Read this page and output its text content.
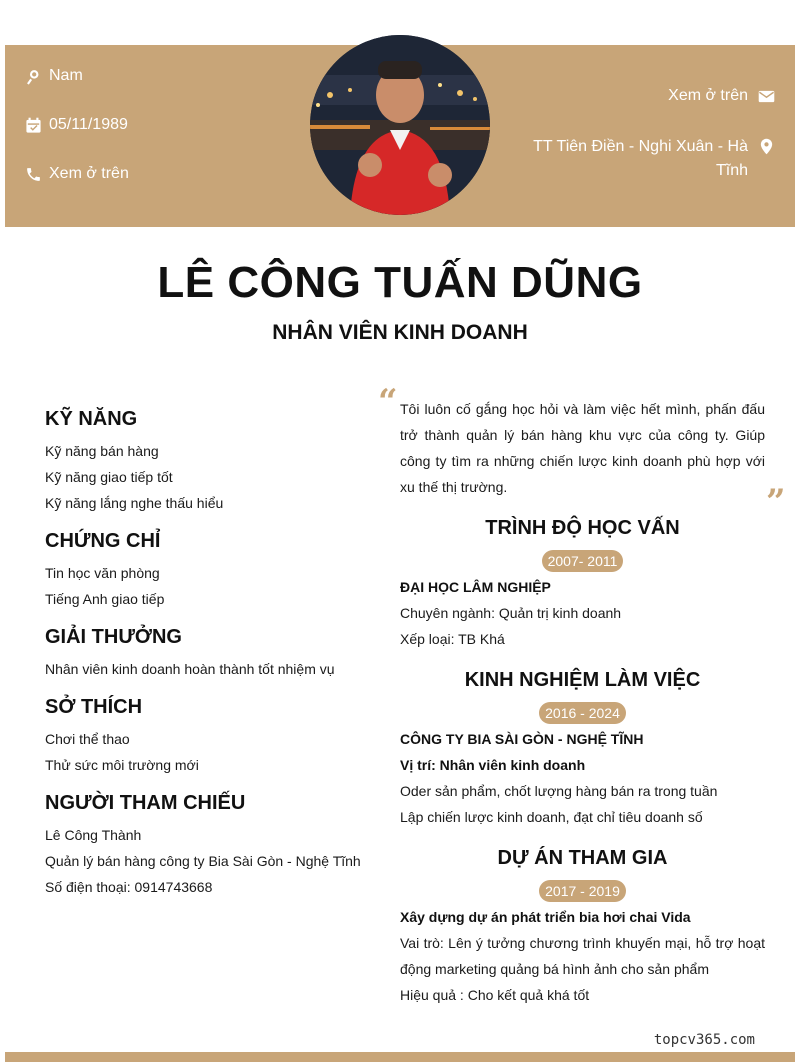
Nam
05/11/1989
Xem ở trên
Xem ở trên
TT Tiên Điền - Nghi Xuân - Hà
Tĩnh
LÊ CÔNG TUẤN DŨNG
NHÂN VIÊN KINH DOANH
KỸ NĂNG
Kỹ năng bán hàng
Kỹ năng giao tiếp tốt
Kỹ năng lắng nghe thấu hiểu
CHỨNG CHỈ
Tin học văn phòng
Tiếng Anh giao tiếp
GIẢI THƯỞNG
Nhân viên kinh doanh hoàn thành tốt nhiệm vụ
SỞ THÍCH
Chơi thể thao
Thử sức môi trường mới
NGƯỜI THAM CHIẾU
Lê Công Thành
Quản lý bán hàng công ty Bia Sài Gòn - Nghệ Tĩnh
Số điện thoại: 0914743668
“
”
Tôi luôn cố gắng học hỏi và làm việc hết mình, phấn đấu trở thành quản lý bán hàng khu vực của công ty. Giúp công ty tìm ra những chiến lược kinh doanh phù hợp với xu thế thị trường.
TRÌNH ĐỘ HỌC VẤN
2007- 2011
ĐẠI HỌC LÂM NGHIỆP
Chuyên ngành: Quản trị kinh doanh
Xếp loại: TB Khá
KINH NGHIỆM LÀM VIỆC
2016 - 2024
CÔNG TY BIA SÀI GÒN - NGHỆ TĨNH
Vị trí: Nhân viên kinh doanh
Oder sản phẩm, chốt lượng hàng bán ra trong tuần
Lập chiến lược kinh doanh, đạt chỉ tiêu doanh số
DỰ ÁN THAM GIA
2017 - 2019
Xây dựng dự án phát triển bia hơi chai Vida
Vai trò: Lên ý tưởng chương trình khuyến mại, hỗ trợ hoạt động marketing quảng bá hình ảnh cho sản phẩm
Hiệu quả : Cho kết quả khá tốt
topcv365.com
